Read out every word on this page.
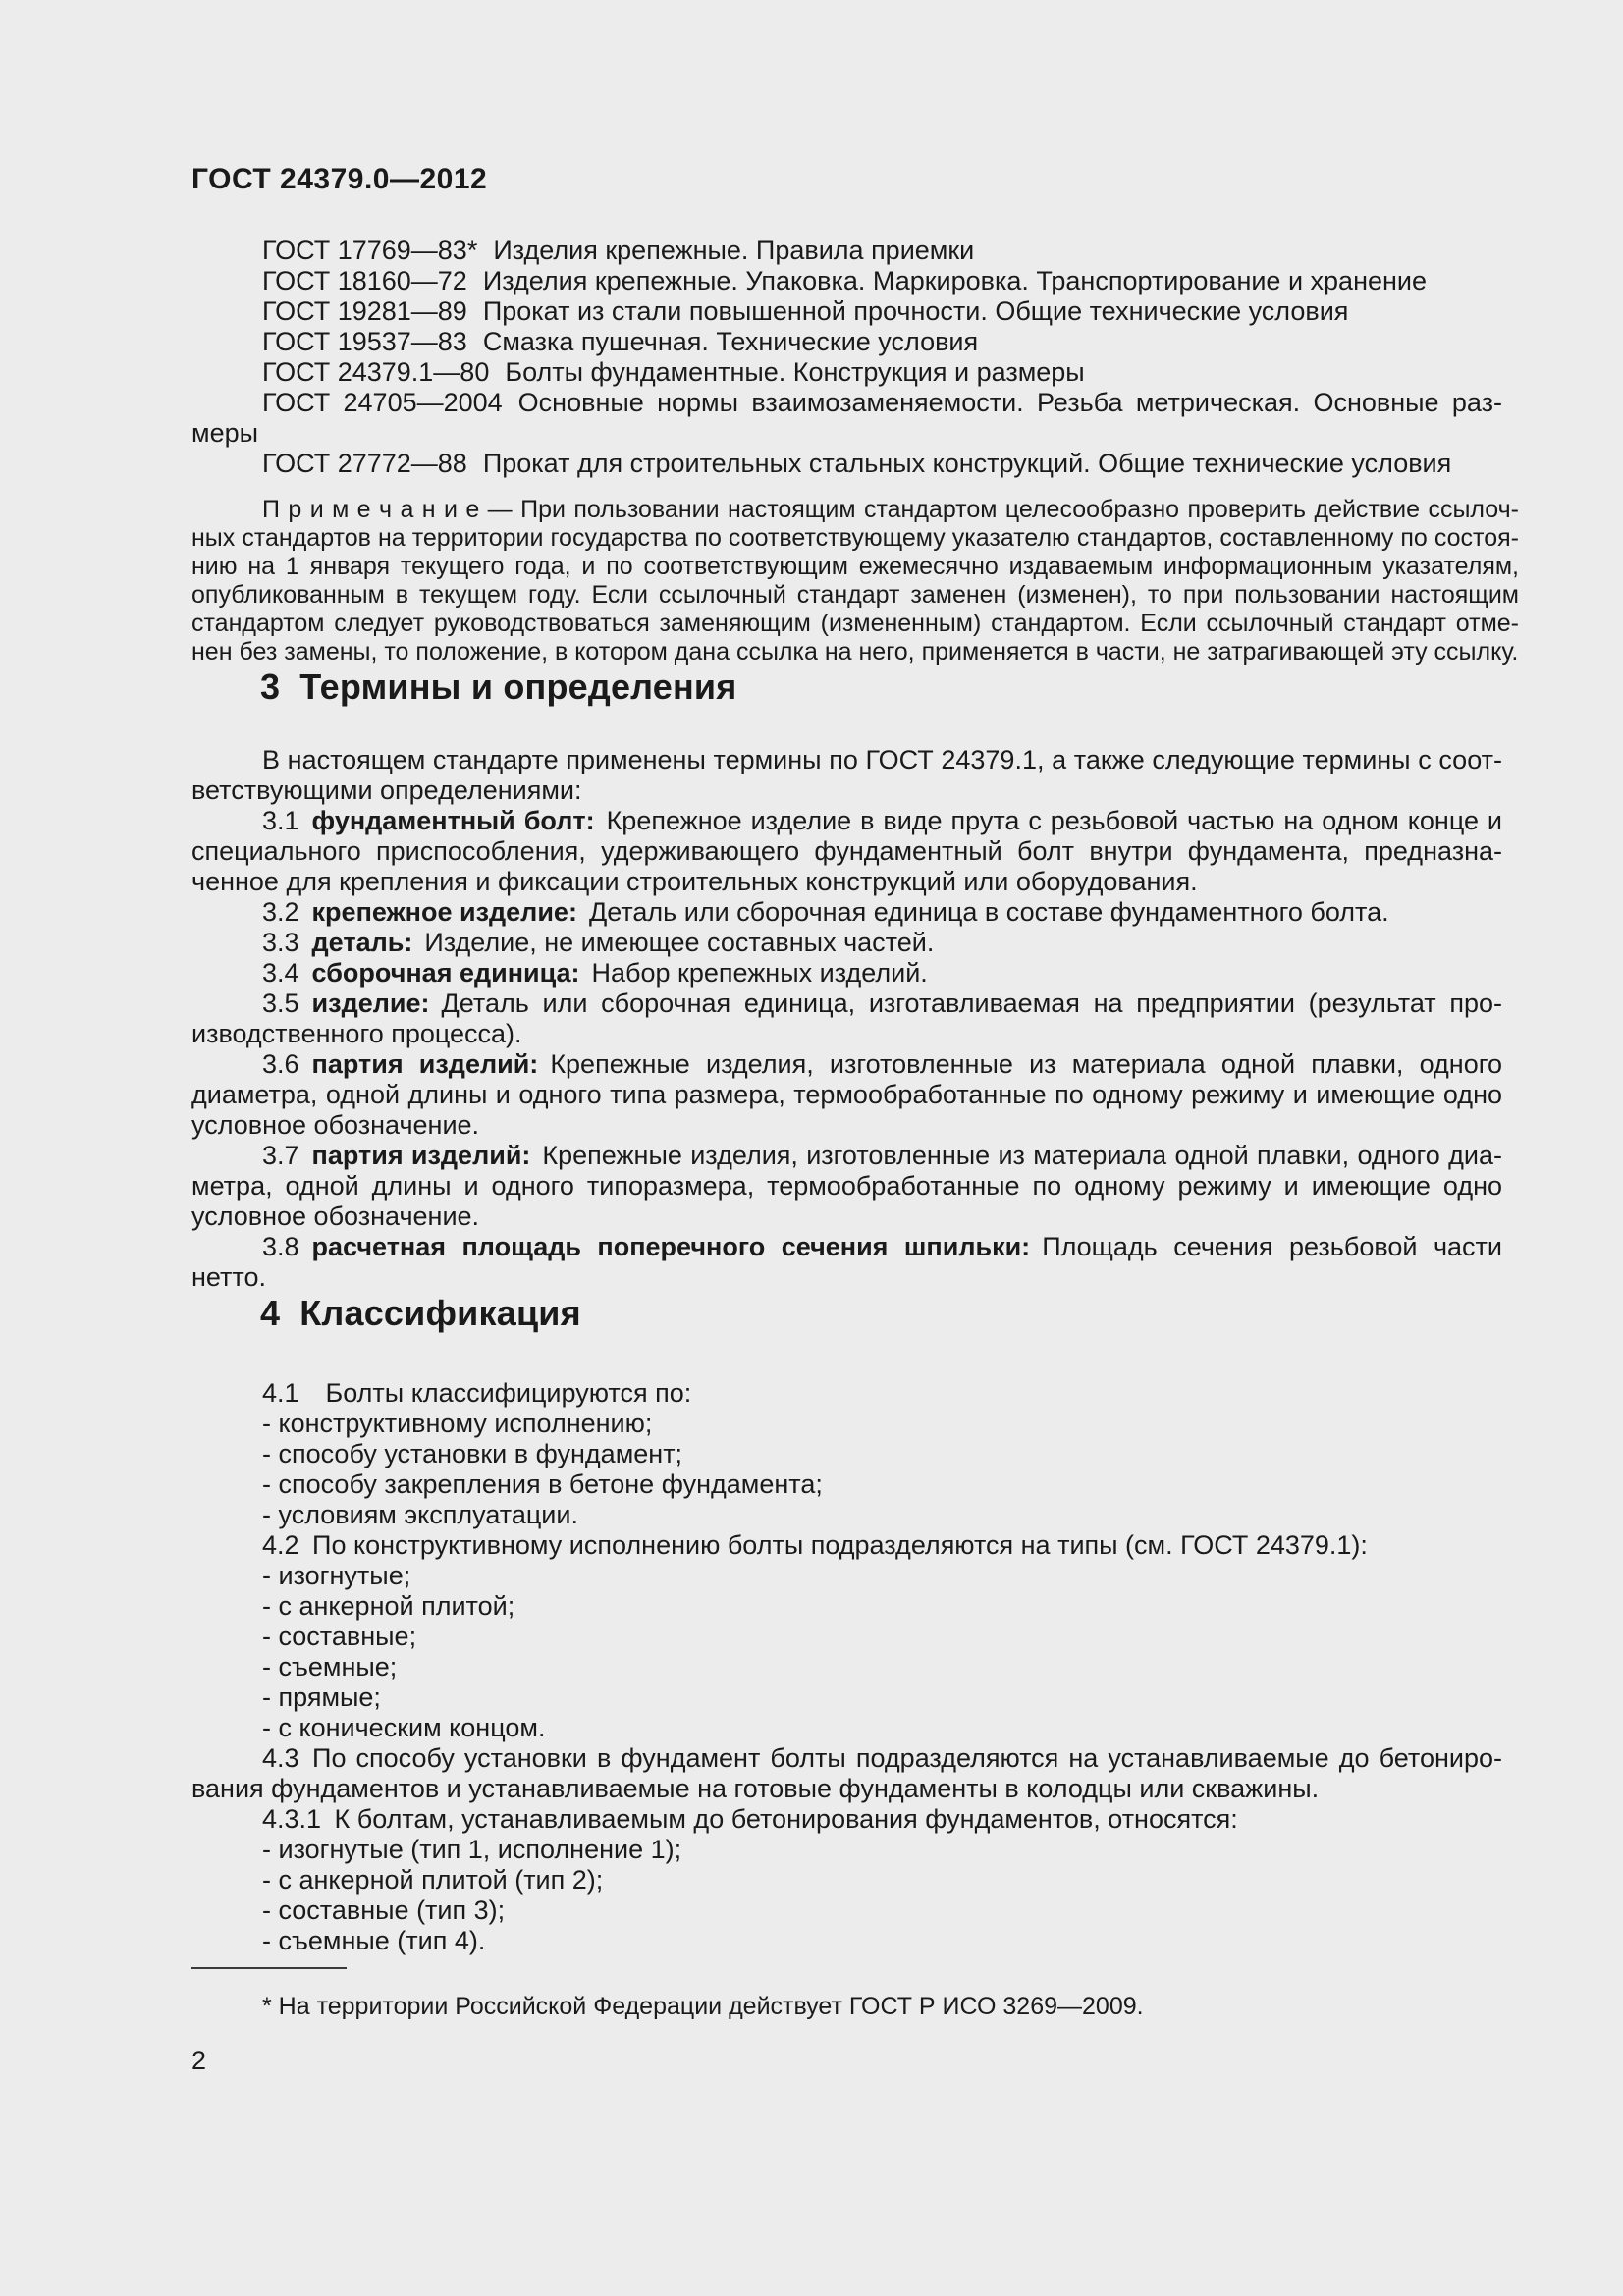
ГОСТ 24379.0—2012

ГОСТ 17769—83* Изделия крепежные. Правила приемки

ГОСТ 18160—72 Изделия крепежные. Упаковка. Маркировка. Транспортирование и хранение

ГОСТ 19281—89 Прокат из стали повышенной прочности. Общие технические условия

ГОСТ 19537—83 Смазка пушечная. Технические условия

ГОСТ 24379.1—80 Болты фундаментные. Конструкция и размеры

ГОСТ 24705—2004 Основные нормы взаимозаменяемости. Резьба метрическая. Основные размеры

ГОСТ 27772—88 Прокат для строительных стальных конструкций. Общие технические условия

П р и м е ч а н и е — При пользовании настоящим стандартом целесообразно проверить действие ссылочных стандартов на территории государства по соответствующему указателю стандартов, составленному по состоянию на 1 января текущего года, и по соответствующим ежемесячно издаваемым информационным указателям, опубликованным в текущем году. Если ссылочный стандарт заменен (изменен), то при пользовании настоящим стандартом следует руководствоваться заменяющим (измененным) стандартом. Если ссылочный стандарт отменен без замены, то положение, в котором дана ссылка на него, применяется в части, не затрагивающей эту ссылку.

3 Термины и определения

В настоящем стандарте применены термины по ГОСТ 24379.1, а также следующие термины с соответствующими определениями:

3.1 фундаментный болт: Крепежное изделие в виде прута с резьбовой частью на одном конце и специального приспособления, удерживающего фундаментный болт внутри фундамента, предназначенное для крепления и фиксации строительных конструкций или оборудования.

3.2 крепежное изделие: Деталь или сборочная единица в составе фундаментного болта.

3.3 деталь: Изделие, не имеющее составных частей.

3.4 сборочная единица: Набор крепежных изделий.

3.5 изделие: Деталь или сборочная единица, изготавливаемая на предприятии (результат производственного процесса).

3.6 партия изделий: Крепежные изделия, изготовленные из материала одной плавки, одного диаметра, одной длины и одного типа размера, термообработанные по одному режиму и имеющие одно условное обозначение.

3.7 партия изделий: Крепежные изделия, изготовленные из материала одной плавки, одного диаметра, одной длины и одного типоразмера, термообработанные по одному режиму и имеющие одно условное обозначение.

3.8 расчетная площадь поперечного сечения шпильки: Площадь сечения резьбовой части нетто.

4 Классификация

4.1  Болты классифицируются по:

- конструктивному исполнению;

- способу установки в фундамент;

- способу закрепления в бетоне фундамента;

- условиям эксплуатации.

4.2 По конструктивному исполнению болты подразделяются на типы (см. ГОСТ 24379.1):

- изогнутые;

- с анкерной плитой;

- составные;

- съемные;

- прямые;

- с коническим концом.

4.3 По способу установки в фундамент болты подразделяются на устанавливаемые до бетонирования фундаментов и устанавливаемые на готовые фундаменты в колодцы или скважины.

4.3.1 К болтам, устанавливаемым до бетонирования фундаментов, относятся:

- изогнутые (тип 1, исполнение 1);

- с анкерной плитой (тип 2);

- составные (тип 3);

- съемные (тип 4).

* На территории Российской Федерации действует ГОСТ Р ИСО 3269—2009.

2
